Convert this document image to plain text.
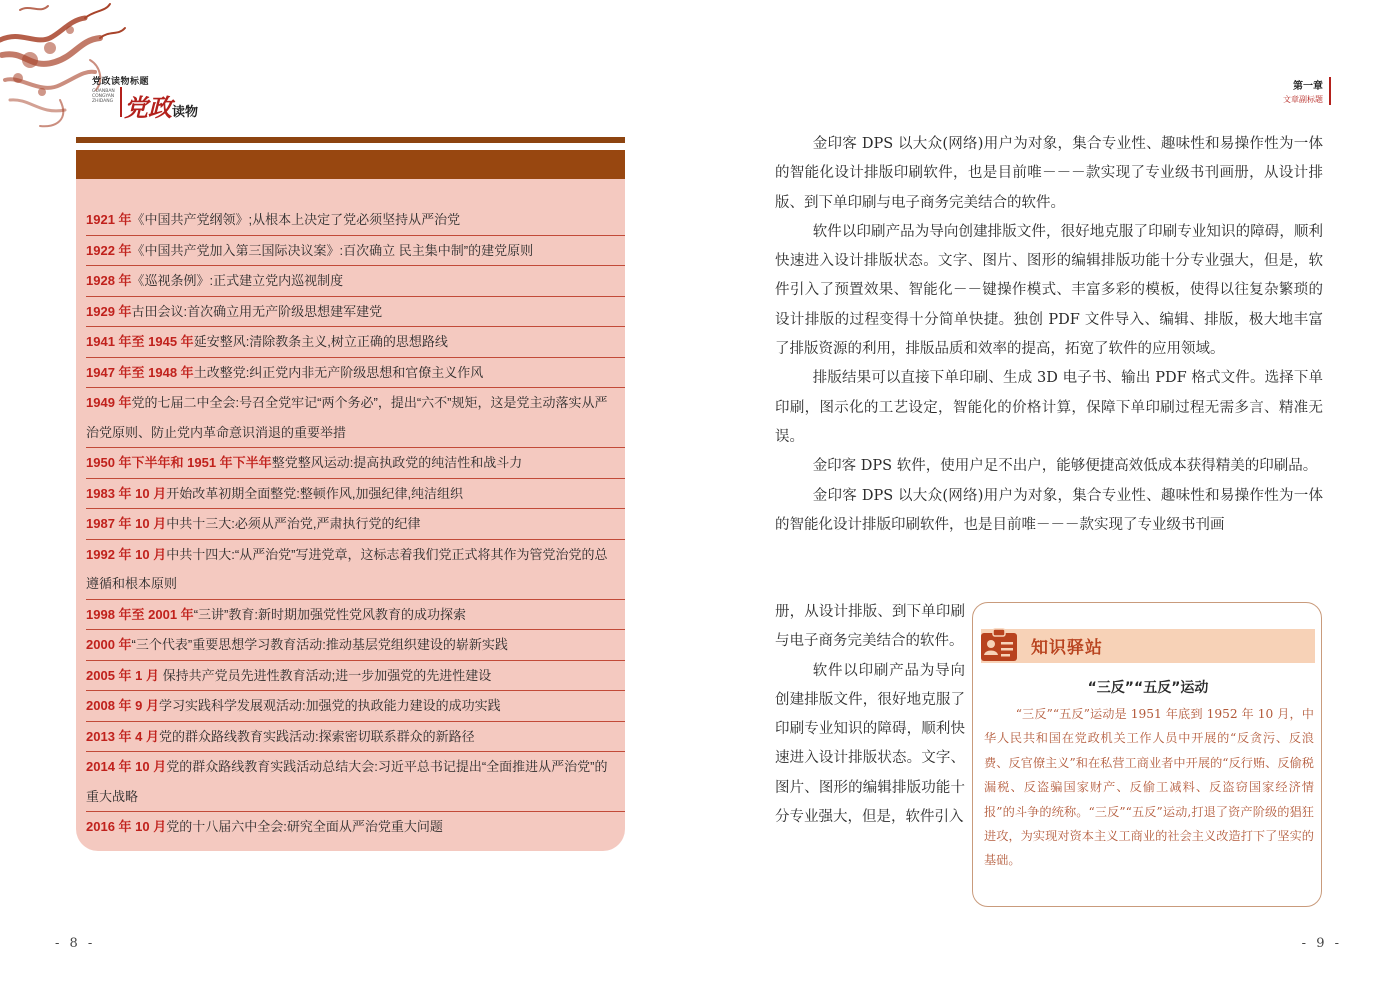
党政读物标题
GUANBAN CONGYAN ZHIDANG 党政读物
第一章
文章副标题
1921 年《中国共产党纲领》;从根本上决定了党必须坚持从严治党
1922 年《中国共产党加入第三国际决议案》:百次确立 民主集中制”的建党原则
1928 年《巡视条例》:正式建立党内巡视制度
1929 年古田会议:首次确立用无产阶级思想建军建党
1941 年至 1945 年延安整风:清除教条主义,树立正确的思想路线
1947 年至 1948 年土改整党:纠正党内非无产阶级思想和官僚主义作风
1949 年党的七届二中全会:号召全党牢记“两个务必”，提出“六不”规矩，这是党主动落实从严治党原则、防止党内革命意识消退的重要举措
1950 年下半年和 1951 年下半年整党整风运动:提高执政党的纯洁性和战斗力
1983 年 10 月开始改革初期全面整党:整顿作风,加强纪律,纯洁组织
1987 年 10 月中共十三大:必须从严治党,严肃执行党的纪律
1992 年 10 月中共十四大:“从严治党”写进党章，这标志着我们党正式将其作为管党治党的总遵循和根本原则
1998 年至 2001 年“三讲”教育:新时期加强党性党风教育的成功探索
2000 年“三个代表”重要思想学习教育活动:推动基层党组织建设的崭新实践
2005 年 1 月 保持共产党员先进性教育活动;进一步加强党的先进性建设
2008 年 9 月学习实践科学发展观活动:加强党的执政能力建设的成功实践
2013 年 4 月党的群众路线教育实践活动:探索密切联系群众的新路径
2014 年 10 月党的群众路线教育实践活动总结大会:习近平总书记提出“全面推进从严治党”的重大战略
2016 年 10 月党的十八届六中全会:研究全面从严治党重大问题

金印客 DPS 以大众(网络)用户为对象，集合专业性、趣味性和易操作性为一体的智能化设计排版印刷软件，也是目前唯－－－款实现了专业级书刊画册，从设计排版、到下单印刷与电子商务完美结合的软件。

软件以印刷产品为导向创建排版文件，很好地克服了印刷专业知识的障碍，顺利快速进入设计排版状态。文字、图片、图形的编辑排版功能十分专业强大，但是，软件引入了预置效果、智能化－－键操作模式、丰富多彩的模板，使得以往复杂繁琐的设计排版的过程变得十分简单快捷。独创 PDF 文件导入、编辑、排版，极大地丰富了排版资源的利用，排版品质和效率的提高，拓宽了软件的应用领域。

排版结果可以直接下单印刷、生成 3D 电子书、输出 PDF 格式文件。选择下单印刷，图示化的工艺设定，智能化的价格计算，保障下单印刷过程无需多言、精准无误。

金印客 DPS 软件，使用户足不出户，能够便捷高效低成本获得精美的印刷品。

金印客 DPS 以大众(网络)用户为对象，集合专业性、趣味性和易操作性为一体的智能化设计排版印刷软件，也是目前唯－－－款实现了专业级书刊画

册，从设计排版、到下单印刷与电子商务完美结合的软件。

软件以印刷产品为导向创建排版文件，很好地克服了印刷专业知识的障碍，顺利快速进入设计排版状态。文字、图片、图形的编辑排版功能十分专业强大，但是，软件引入

知识驿站
“三反”“五反”运动
“三反”“五反”运动是 1951 年底到 1952 年 10 月，中华人民共和国在党政机关工作人员中开展的“反贪污、反浪费、反官僚主义”和在私营工商业者中开展的“反行贿、反偷税漏税、反盗骗国家财产、反偷工减料、反盗窃国家经济情报”的斗争的统称。“三反”“五反”运动,打退了资产阶级的猖狂进攻，为实现对资本主义工商业的社会主义改造打下了坚实的基础。
- 8 -	- 9 -
